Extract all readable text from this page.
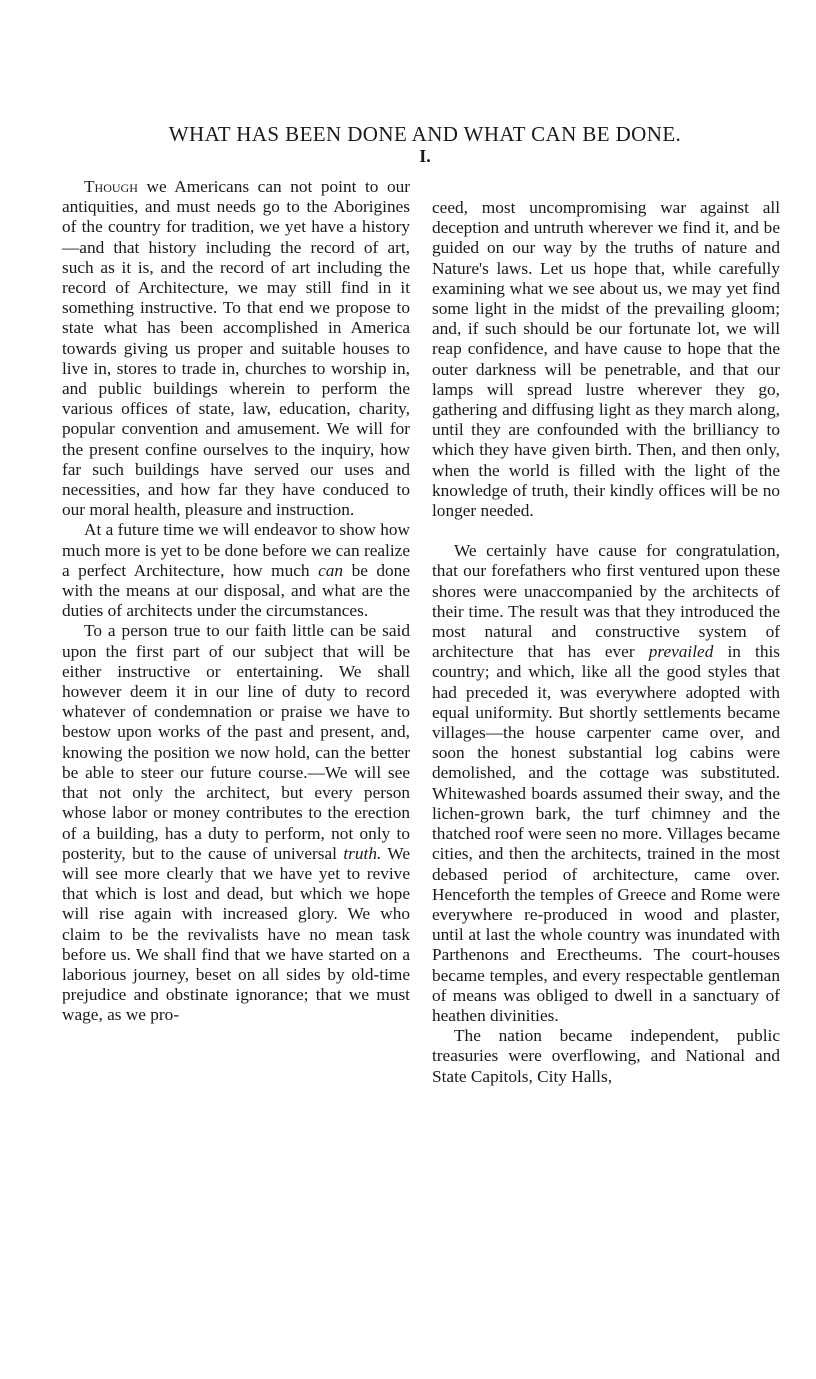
WHAT HAS BEEN DONE AND WHAT CAN BE DONE.
I.

Though we Americans can not point to our antiquities, and must needs go to the Aborigines of the country for tradition, we yet have a history—and that history including the record of art, such as it is, and the record of art including the record of Architecture, we may still find in it something instructive. To that end we propose to state what has been accomplished in America towards giving us proper and suitable houses to live in, stores to trade in, churches to worship in, and public buildings wherein to perform the various offices of state, law, education, charity, popular convention and amusement. We will for the present confine ourselves to the inquiry, how far such buildings have served our uses and necessities, and how far they have conduced to our moral health, pleasure and instruction.

At a future time we will endeavor to show how much more is yet to be done before we can realize a perfect Architecture, how much can be done with the means at our disposal, and what are the duties of architects under the circumstances.

To a person true to our faith little can be said upon the first part of our subject that will be either instructive or entertaining. We shall however deem it in our line of duty to record whatever of condemnation or praise we have to bestow upon works of the past and present, and, knowing the position we now hold, can the better be able to steer our future course.—We will see that not only the architect, but every person whose labor or money contributes to the erection of a building, has a duty to perform, not only to posterity, but to the cause of universal truth. We will see more clearly that we have yet to revive that which is lost and dead, but which we hope will rise again with increased glory. We who claim to be the revivalists have no mean task before us. We shall find that we have started on a laborious journey, beset on all sides by old-time prejudice and obstinate ignorance; that we must wage, as we pro-

ceed, most uncompromising war against all deception and untruth wherever we find it, and be guided on our way by the truths of nature and Nature's laws. Let us hope that, while carefully examining what we see about us, we may yet find some light in the midst of the prevailing gloom; and, if such should be our fortunate lot, we will reap confidence, and have cause to hope that the outer darkness will be penetrable, and that our lamps will spread lustre wherever they go, gathering and diffusing light as they march along, until they are confounded with the brilliancy to which they have given birth. Then, and then only, when the world is filled with the light of the knowledge of truth, their kindly offices will be no longer needed.

We certainly have cause for congratulation, that our forefathers who first ventured upon these shores were unaccompanied by the architects of their time. The result was that they introduced the most natural and constructive system of architecture that has ever prevailed in this country; and which, like all the good styles that had preceded it, was everywhere adopted with equal uniformity. But shortly settlements became villages—the house carpenter came over, and soon the honest substantial log cabins were demolished, and the cottage was substituted. Whitewashed boards assumed their sway, and the lichen-grown bark, the turf chimney and the thatched roof were seen no more. Villages became cities, and then the architects, trained in the most debased period of architecture, came over. Henceforth the temples of Greece and Rome were everywhere re-produced in wood and plaster, until at last the whole country was inundated with Parthenons and Erectheums. The court-houses became temples, and every respectable gentleman of means was obliged to dwell in a sanctuary of heathen divinities.

The nation became independent, public treasuries were overflowing, and National and State Capitols, City Halls,
